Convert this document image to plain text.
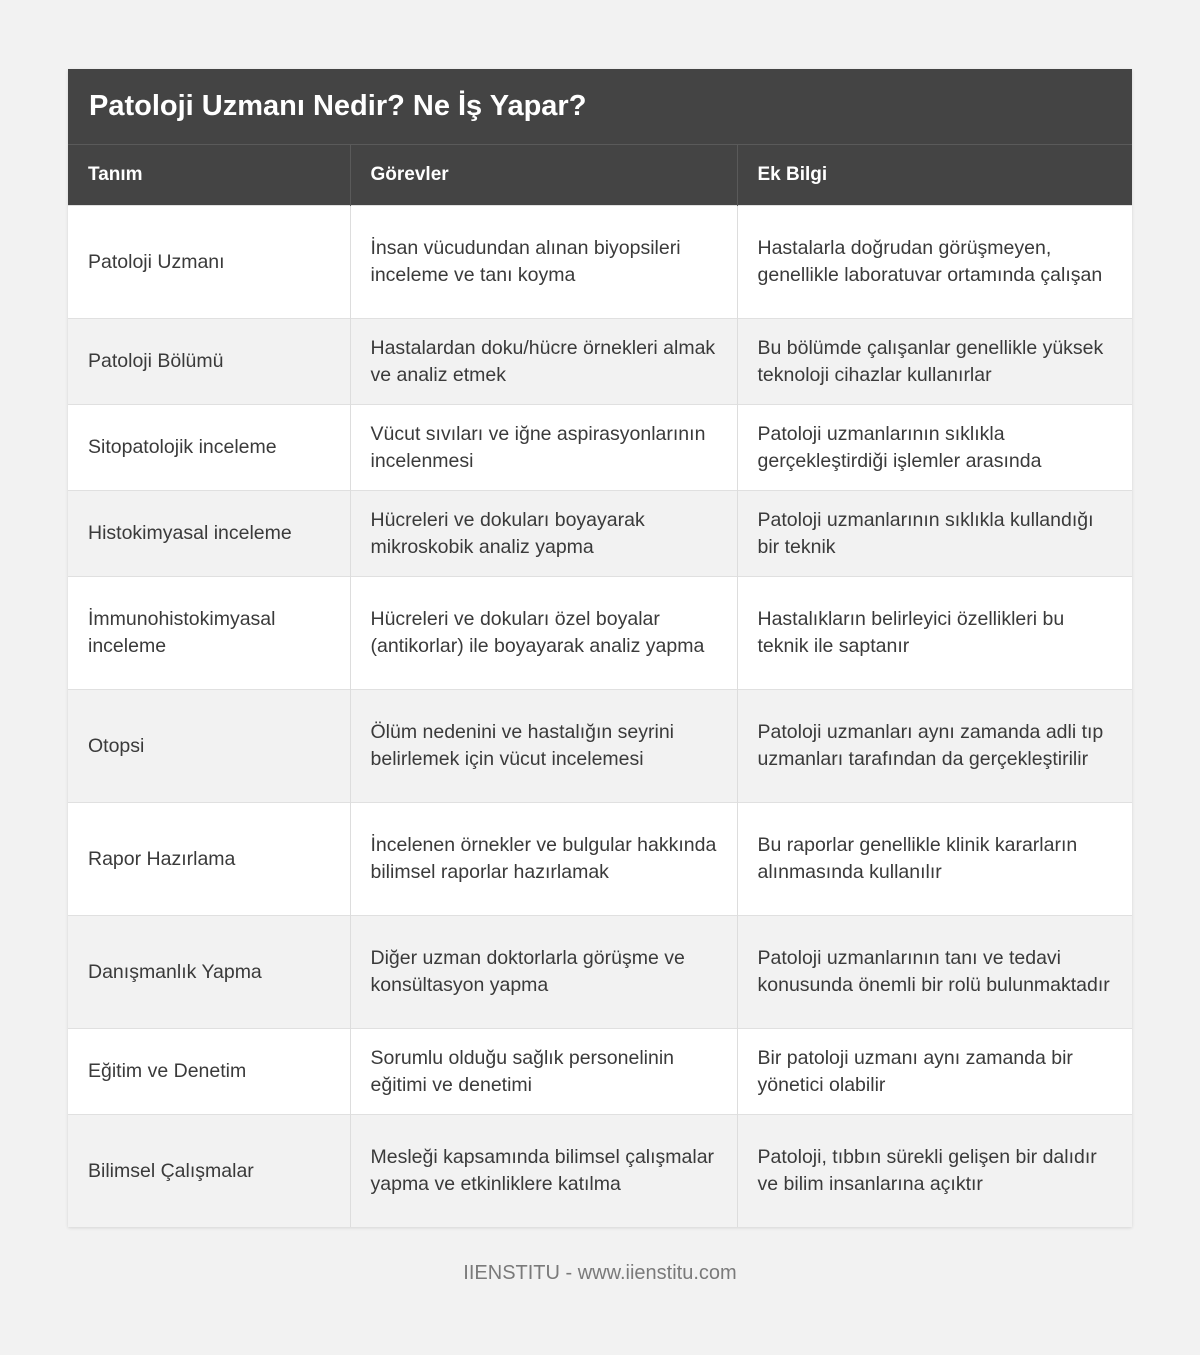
Patoloji Uzmanı Nedir? Ne İş Yapar?
Tanım	Görevler	Ek Bilgi
Patoloji Uzmanı	İnsan vücudundan alınan biyopsileri inceleme ve tanı koyma	Hastalarla doğrudan görüşmeyen, genellikle laboratuvar ortamında çalışan
Patoloji Bölümü	Hastalardan doku/hücre örnekleri almak ve analiz etmek	Bu bölümde çalışanlar genellikle yüksek teknoloji cihazlar kullanırlar
Sitopatolojik inceleme	Vücut sıvıları ve iğne aspirasyonlarının incelenmesi	Patoloji uzmanlarının sıklıkla gerçekleştirdiği işlemler arasında
Histokimyasal inceleme	Hücreleri ve dokuları boyayarak mikroskobik analiz yapma	Patoloji uzmanlarının sıklıkla kullandığı bir teknik
İmmunohistokimyasal inceleme	Hücreleri ve dokuları özel boyalar (antikorlar) ile boyayarak analiz yapma	Hastalıkların belirleyici özellikleri bu teknik ile saptanır
Otopsi	Ölüm nedenini ve hastalığın seyrini belirlemek için vücut incelemesi	Patoloji uzmanları aynı zamanda adli tıp uzmanları tarafından da gerçekleştirilir
Rapor Hazırlama	İncelenen örnekler ve bulgular hakkında bilimsel raporlar hazırlamak	Bu raporlar genellikle klinik kararların alınmasında kullanılır
Danışmanlık Yapma	Diğer uzman doktorlarla görüşme ve konsültasyon yapma	Patoloji uzmanlarının tanı ve tedavi konusunda önemli bir rolü bulunmaktadır
Eğitim ve Denetim	Sorumlu olduğu sağlık personelinin eğitimi ve denetimi	Bir patoloji uzmanı aynı zamanda bir yönetici olabilir
Bilimsel Çalışmalar	Mesleği kapsamında bilimsel çalışmalar yapma ve etkinliklere katılma	Patoloji, tıbbın sürekli gelişen bir dalıdır ve bilim insanlarına açıktır
IIENSTITU - www.iienstitu.com
